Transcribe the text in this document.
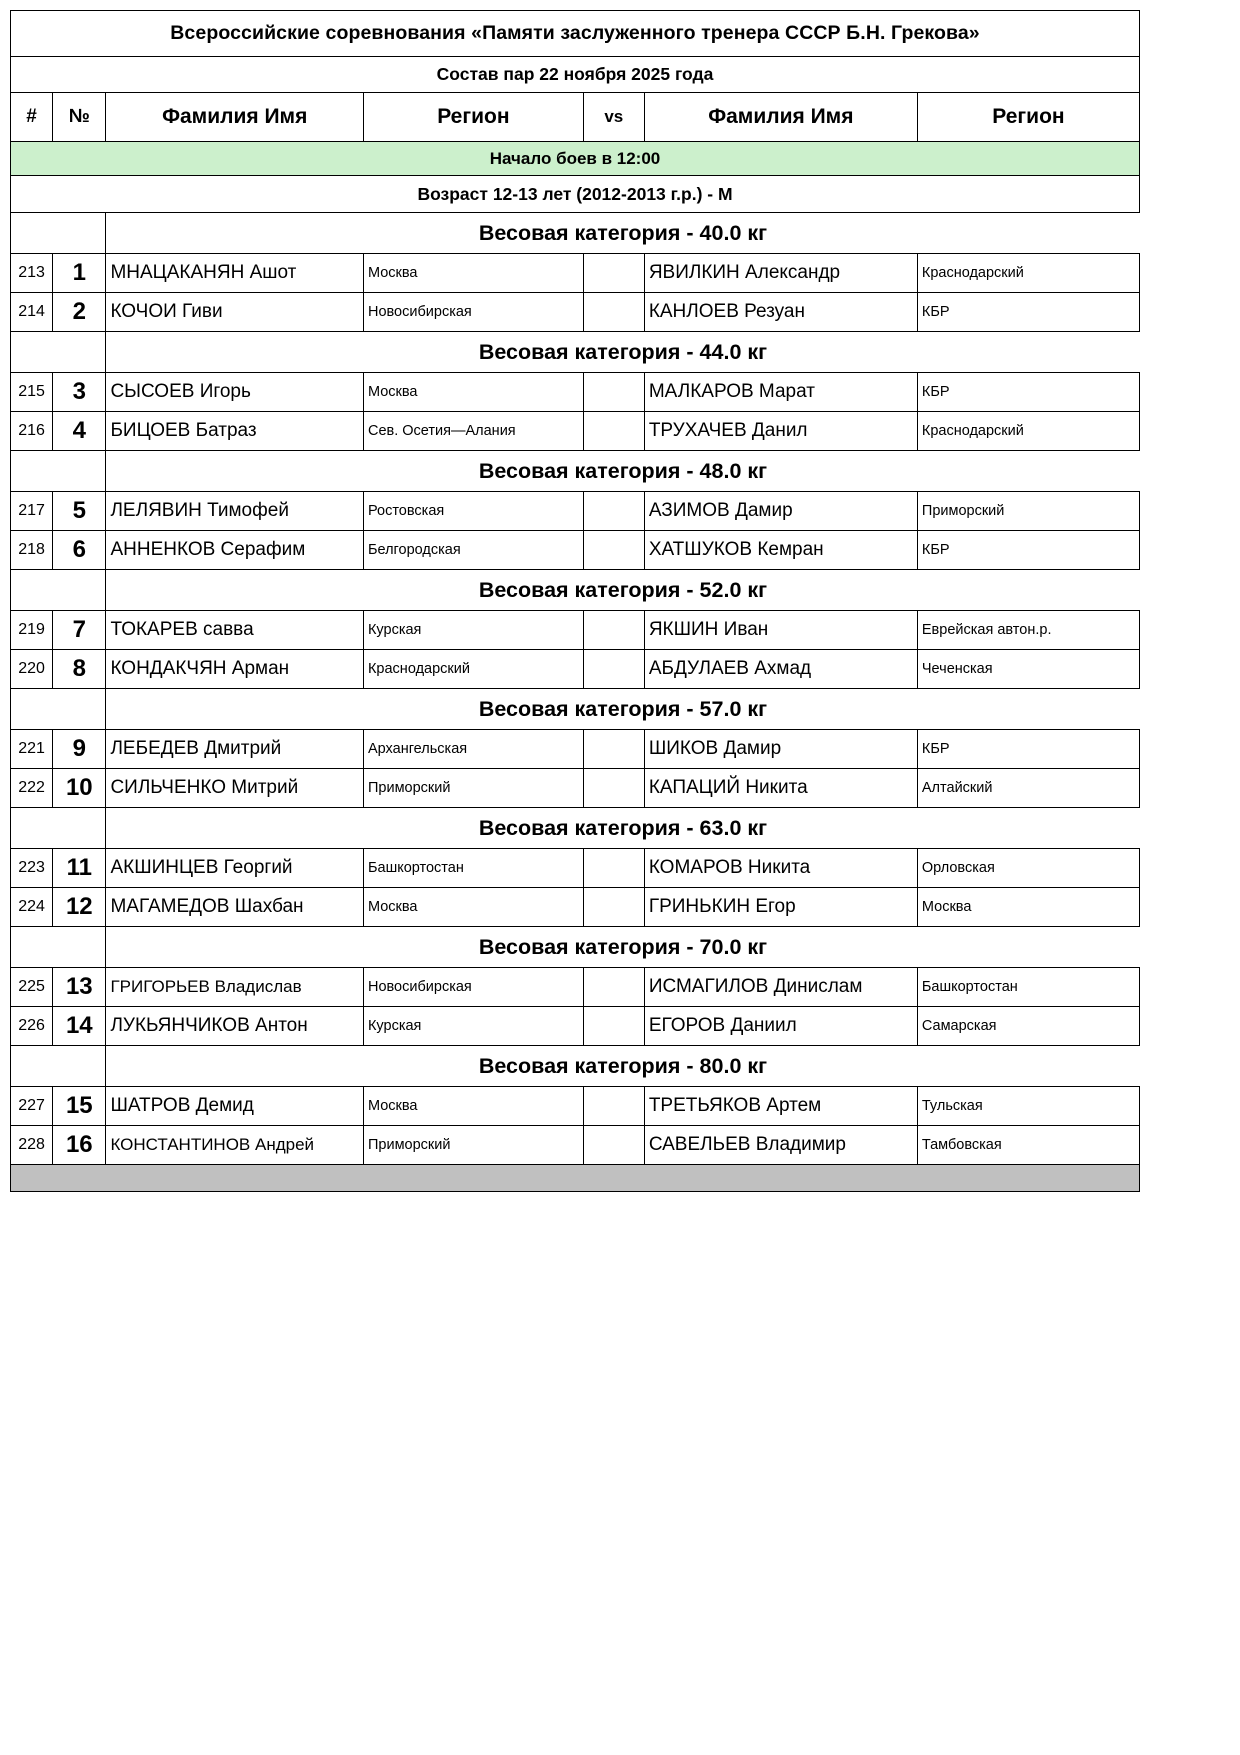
Всероссийские соревнования «Памяти заслуженного тренера СССР Б.Н. Грекова»						
Состав пар 22 ноября 2025 года						
#	№	Фамилия Имя	Регион	vs	Фамилия Имя	Регион
Начало боев в 12:00						
Возраст 12-13 лет (2012-2013 г.р.) - М						
		Весовая категория - 40.0 кг				
213	1	МНАЦАКАНЯН Ашот	Москва		ЯВИЛКИН Александр	Краснодарский
214	2	КОЧОИ Гиви	Новосибирская		КАНЛОЕВ Резуан	КБР
		Весовая категория - 44.0 кг				
215	3	СЫСОЕВ Игорь	Москва		МАЛКАРОВ Марат	КБР
216	4	БИЦОЕВ Батраз	Сев. Осетия—Алания		ТРУХАЧЕВ Данил	Краснодарский
		Весовая категория - 48.0 кг				
217	5	ЛЕЛЯВИН Тимофей	Ростовская		АЗИМОВ Дамир	Приморский
218	6	АННЕНКОВ Серафим	Белгородская		ХАТШУКОВ Кемран	КБР
		Весовая категория - 52.0 кг				
219	7	ТОКАРЕВ савва	Курская		ЯКШИН Иван	Еврейская автон.р.
220	8	КОНДАКЧЯН Арман	Краснодарский		АБДУЛАЕВ Ахмад	Чеченская
		Весовая категория - 57.0 кг				
221	9	ЛЕБЕДЕВ Дмитрий	Архангельская		ШИКОВ Дамир	КБР
222	10	СИЛЬЧЕНКО Митрий	Приморский		КАПАЦИЙ Никита	Алтайский
		Весовая категория - 63.0 кг				
223	11	АКШИНЦЕВ Георгий	Башкортостан		КОМАРОВ Никита	Орловская
224	12	МАГАМЕДОВ Шахбан	Москва		ГРИНЬКИН Егор	Москва
		Весовая категория - 70.0 кг				
225	13	ГРИГОРЬЕВ Владислав	Новосибирская		ИСМАГИЛОВ Динислам	Башкортостан
226	14	ЛУКЬЯНЧИКОВ Антон	Курская		ЕГОРОВ Даниил	Самарская
		Весовая категория - 80.0 кг				
227	15	ШАТРОВ Демид	Москва		ТРЕТЬЯКОВ Артем	Тульская
228	16	КОНСТАНТИНОВ Андрей	Приморский		САВЕЛЬЕВ Владимир	Тамбовская
